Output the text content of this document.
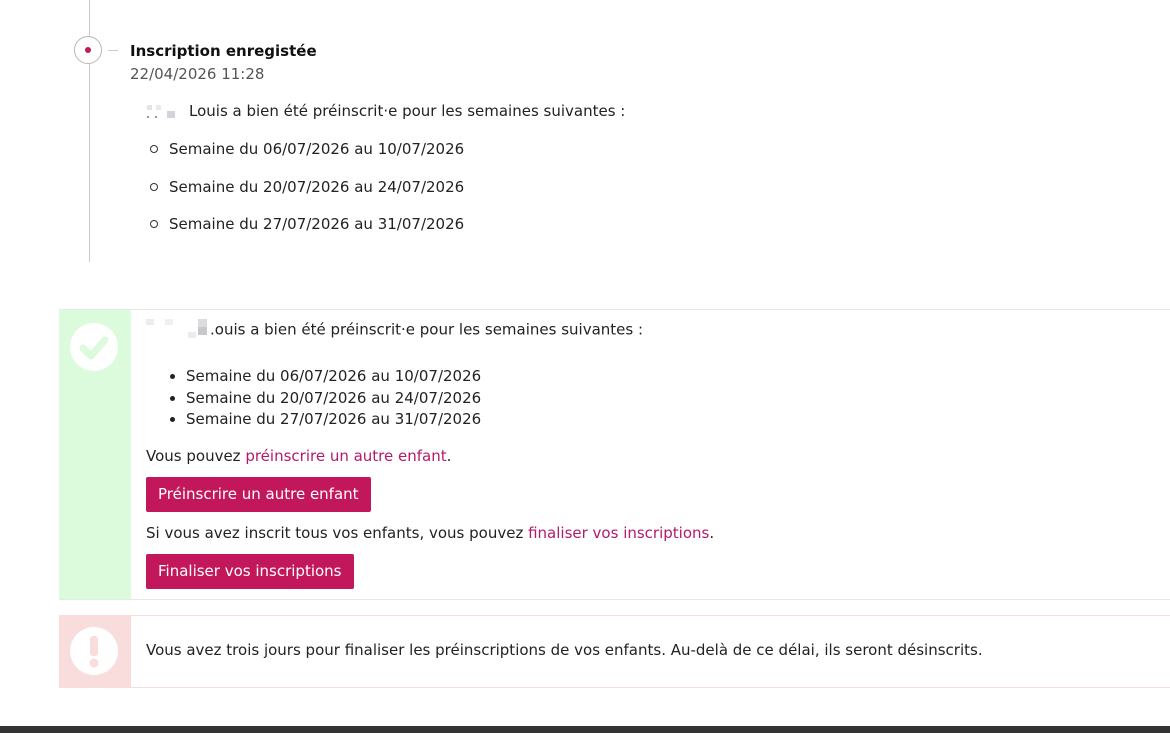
Inscription enregistée
22/04/2026 11:28
Louis a bien été préinscrit·e pour les semaines suivantes :
Semaine du 06/07/2026 au 10/07/2026
Semaine du 20/07/2026 au 24/07/2026
Semaine du 27/07/2026 au 31/07/2026
.ouis a bien été préinscrit·e pour les semaines suivantes :
• Semaine du 06/07/2026 au 10/07/2026
• Semaine du 20/07/2026 au 24/07/2026
• Semaine du 27/07/2026 au 31/07/2026
Vous pouvez préinscrire un autre enfant.
Préinscrire un autre enfant
Si vous avez inscrit tous vos enfants, vous pouvez finaliser vos inscriptions.
Finaliser vos inscriptions
Vous avez trois jours pour finaliser les préinscriptions de vos enfants. Au-delà de ce délai, ils seront désinscrits.
